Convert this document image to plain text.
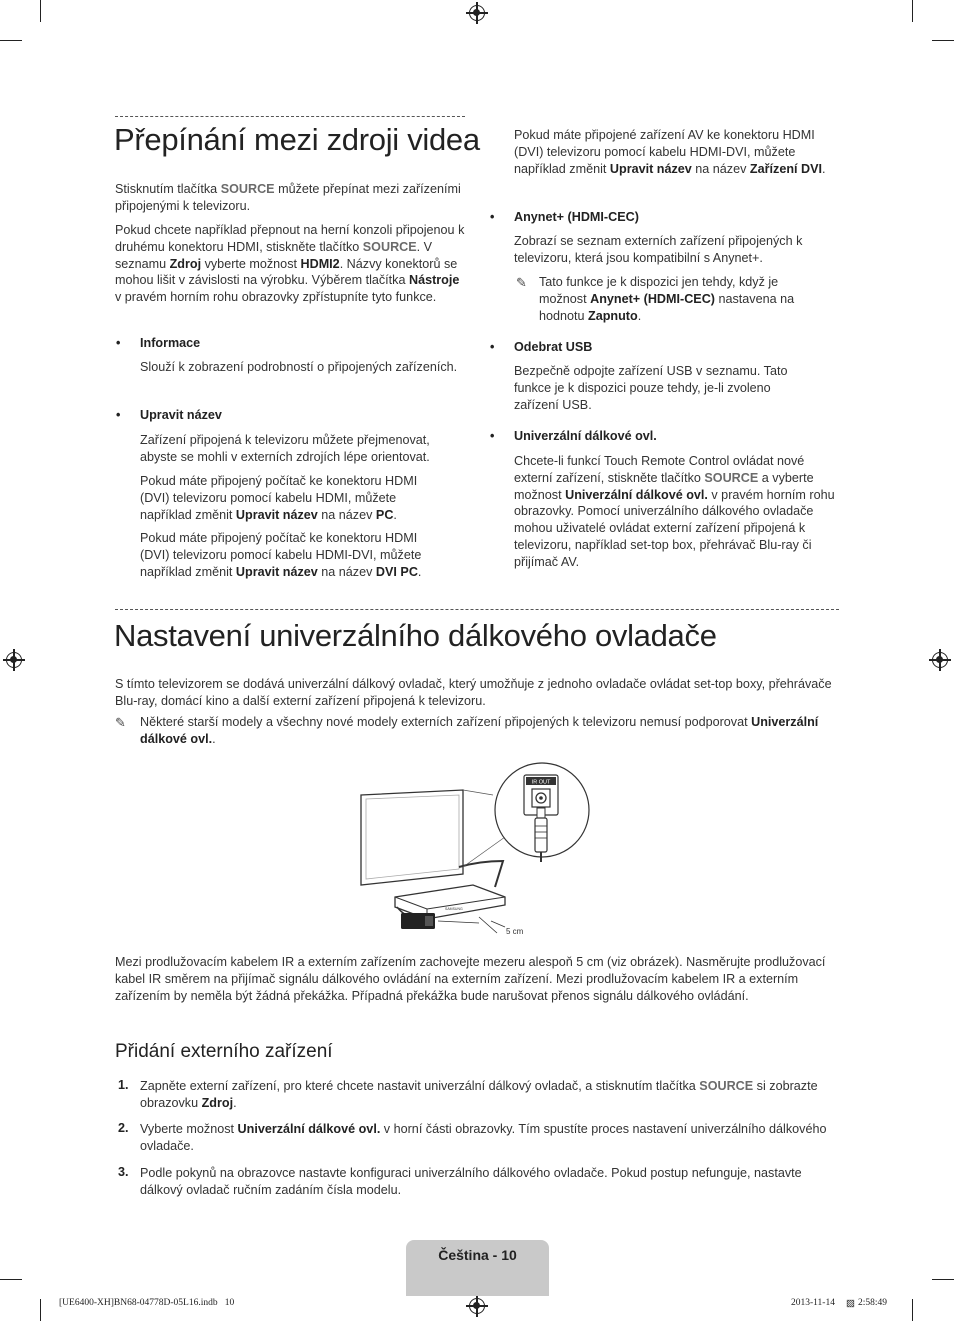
Přepínání mezi zdroji videa
Stisknutím tlačítka SOURCE můžete přepínat mezi zařízeními připojenými k televizoru.
Pokud chcete například přepnout na herní konzoli připojenou k druhému konektoru HDMI, stiskněte tlačítko SOURCE. V seznamu Zdroj vyberte možnost HDMI2. Názvy konektorů se mohou lišit v závislosti na výrobku. Výběrem tlačítka Nástroje v pravém horním rohu obrazovky zpřístupníte tyto funkce.
• Informace
Slouží k zobrazení podrobností o připojených zařízeních.
• Upravit název
Zařízení připojená k televizoru můžete přejmenovat, abyste se mohli v externích zdrojích lépe orientovat.
Pokud máte připojený počítač ke konektoru HDMI (DVI) televizoru pomocí kabelu HDMI, můžete například změnit Upravit název na název PC.
Pokud máte připojený počítač ke konektoru HDMI (DVI) televizoru pomocí kabelu HDMI-DVI, můžete například změnit Upravit název na název DVI PC.
Pokud máte připojené zařízení AV ke konektoru HDMI (DVI) televizoru pomocí kabelu HDMI-DVI, můžete například změnit Upravit název na název Zařízení DVI.
• Anynet+ (HDMI-CEC)
Zobrazí se seznam externích zařízení připojených k televizoru, která jsou kompatibilní s Anynet+.
✎ Tato funkce je k dispozici jen tehdy, když je možnost Anynet+ (HDMI-CEC) nastavena na hodnotu Zapnuto.
• Odebrat USB
Bezpečně odpojte zařízení USB v seznamu. Tato funkce je k dispozici pouze tehdy, je-li zvoleno zařízení USB.
• Univerzální dálkové ovl.
Chcete-li funkcí Touch Remote Control ovládat nové externí zařízení, stiskněte tlačítko SOURCE a vyberte možnost Univerzální dálkové ovl. v pravém horním rohu obrazovky. Pomocí univerzálního dálkového ovladače mohou uživatelé ovládat externí zařízení připojená k televizoru, například set-top box, přehrávač Blu-ray či přijímač AV.
Nastavení univerzálního dálkového ovladače
S tímto televizorem se dodává univerzální dálkový ovladač, který umožňuje z jednoho ovladače ovládat set-top boxy, přehrávače Blu-ray, domácí kino a další externí zařízení připojená k televizoru.
✎ Některé starší modely a všechny nové modely externích zařízení připojených k televizoru nemusí podporovat Univerzální dálkové ovl..
SAMSUNG
5 cm
IR OUT
Mezi prodlužovacím kabelem IR a externím zařízením zachovejte mezeru alespoň 5 cm (viz obrázek). Nasměrujte prodlužovací kabel IR směrem na přijímač signálu dálkového ovládání na externím zařízení. Mezi prodlužovacím kabelem IR a externím zařízením by neměla být žádná překážka. Případná překážka bude narušovat přenos signálu dálkového ovládání.
Přidání externího zařízení
1. Zapněte externí zařízení, pro které chcete nastavit univerzální dálkový ovladač, a stisknutím tlačítka SOURCE si zobrazte obrazovku Zdroj.
2. Vyberte možnost Univerzální dálkové ovl. v horní části obrazovky. Tím spustíte proces nastavení univerzálního dálkového ovladače.
3. Podle pokynů na obrazovce nastavte konfiguraci univerzálního dálkového ovladače. Pokud postup nefunguje, nastavte dálkový ovladač ručním zadáním čísla modelu.
Čeština - 10
[UE6400-XH]BN68-04778D-05L16.indb   10	2013-11-14 ▨ 2:58:49
